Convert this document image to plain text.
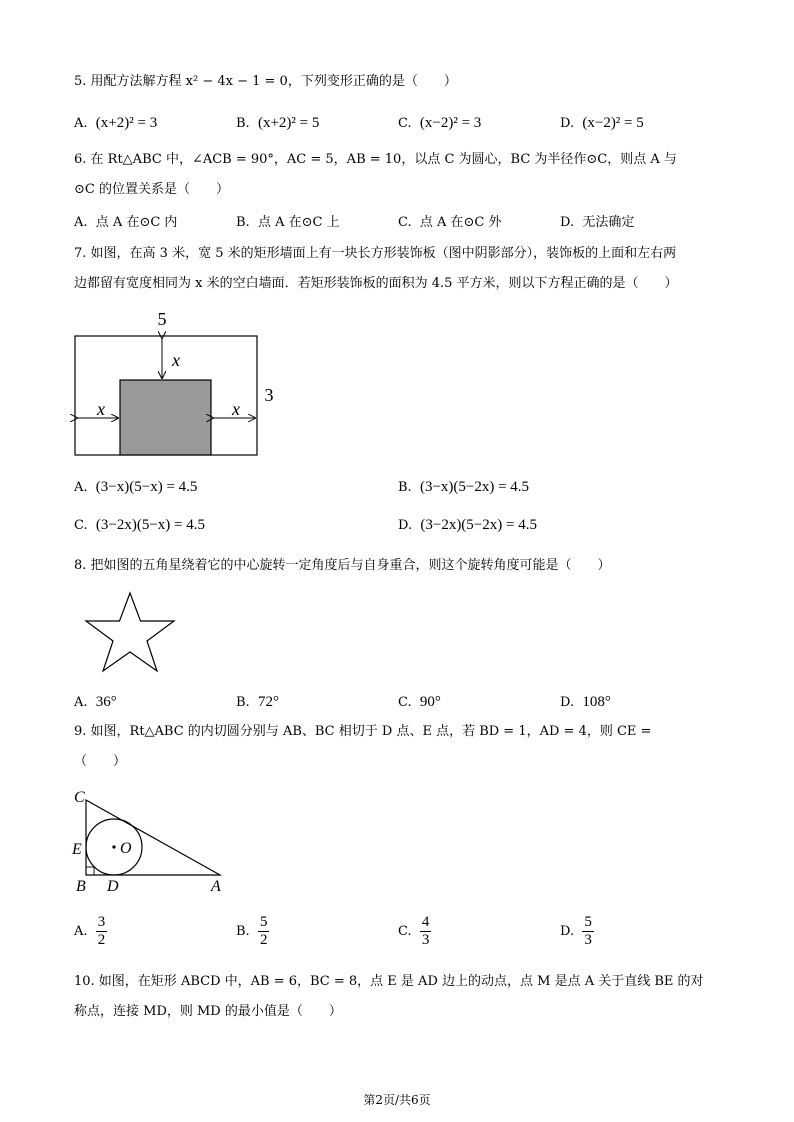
5. 用配方法解方程 x² − 4x − 1 = 0，下列变形正确的是（　　）
A. (x+2)² = 3	B. (x+2)² = 5	C. (x−2)² = 3	D. (x−2)² = 5
6. 在 Rt△ABC 中，∠ACB = 90°，AC = 5，AB = 10，以点 C 为圆心，BC 为半径作⊙C，则点 A 与
⊙C 的位置关系是（　　）
A. 点 A 在⊙C 内	B. 点 A 在⊙C 上	C. 点 A 在⊙C 外	D. 无法确定
7. 如图，在高 3 米，宽 5 米的矩形墙面上有一块长方形装饰板（图中阴影部分），装饰板的上面和左右两
边都留有宽度相同为 x 米的空白墙面．若矩形装饰板的面积为 4.5 平方米，则以下方程正确的是（　　）
5
3
x
x	x
A. (3−x)(5−x) = 4.5	B. (3−x)(5−2x) = 4.5
C. (3−2x)(5−x) = 4.5	D. (3−2x)(5−2x) = 4.5
8. 把如图的五角星绕着它的中心旋转一定角度后与自身重合，则这个旋转角度可能是（　　）
A. 36°	B. 72°	C. 90°	D. 108°
9. 如图，Rt△ABC 的内切圆分别与 AB、BC 相切于 D 点、E 点，若 BD = 1，AD = 4，则 CE =
（　　）
C
E
B D	A
O
A. $\frac{3}{2}$	B. $\frac{5}{2}$	C. $\frac{4}{3}$	D. $\frac{5}{3}$
10. 如图，在矩形 ABCD 中，AB = 6，BC = 8，点 E 是 AD 边上的动点，点 M 是点 A 关于直线 BE 的对
称点，连接 MD，则 MD 的最小值是（　　）
第2页/共6页
